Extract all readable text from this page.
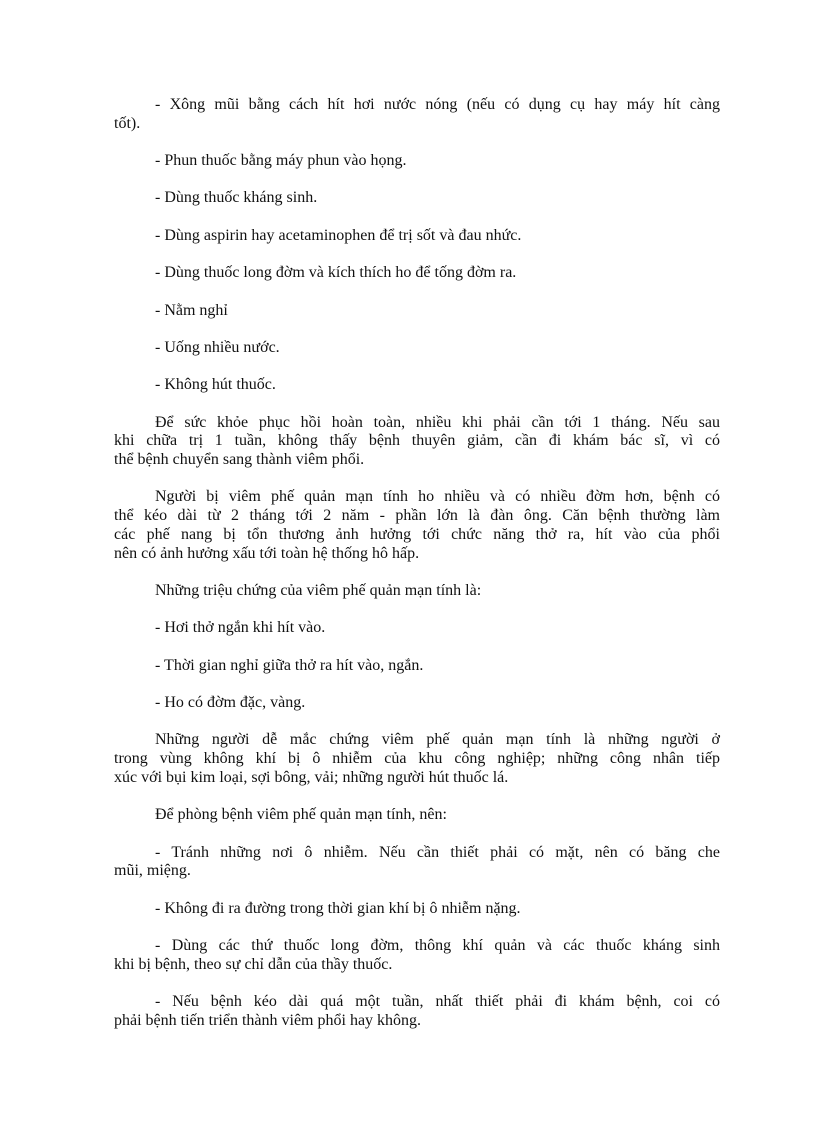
- Xông mũi bằng cách hít hơi nước nóng (nếu có dụng cụ hay máy hít càng
tốt).

- Phun thuốc bằng máy phun vào họng.

- Dùng thuốc kháng sinh.

- Dùng aspirin hay acetaminophen để trị sốt và đau nhức.

- Dùng thuốc long đờm và kích thích ho để tống đờm ra.

- Nằm nghỉ

- Uống nhiều nước.

- Không hút thuốc.

Để sức khỏe phục hồi hoàn toàn, nhiều khi phải cần tới 1 tháng. Nếu sau
khi chữa trị 1 tuần, không thấy bệnh thuyên giảm, cần đi khám bác sĩ, vì có
thể bệnh chuyển sang thành viêm phổi.

Người bị viêm phế quản mạn tính ho nhiều và có nhiều đờm hơn, bệnh có
thể kéo dài từ 2 tháng tới 2 năm - phần lớn là đàn ông. Căn bệnh thường làm
các phế nang bị tổn thương ảnh hưởng tới chức năng thở ra, hít vào của phổi
nên có ảnh hưởng xấu tới toàn hệ thống hô hấp.

Những triệu chứng của viêm phế quản mạn tính là:

- Hơi thở ngắn khi hít vào.

- Thời gian nghỉ giữa thở ra hít vào, ngắn.

- Ho có đờm đặc, vàng.

Những người dễ mắc chứng viêm phế quản mạn tính là những người ở
trong vùng không khí bị ô nhiễm của khu công nghiệp; những công nhân tiếp
xúc với bụi kim loại, sợi bông, vải; những người hút thuốc lá.

Để phòng bệnh viêm phế quản mạn tính, nên:

- Tránh những nơi ô nhiễm. Nếu cần thiết phải có mặt, nên có băng che
mũi, miệng.

- Không đi ra đường trong thời gian khí bị ô nhiễm nặng.

- Dùng các thứ thuốc long đờm, thông khí quản và các thuốc kháng sinh
khi bị bệnh, theo sự chỉ dẫn của thầy thuốc.

- Nếu bệnh kéo dài quá một tuần, nhất thiết phải đi khám bệnh, coi có
phải bệnh tiến triển thành viêm phổi hay không.
